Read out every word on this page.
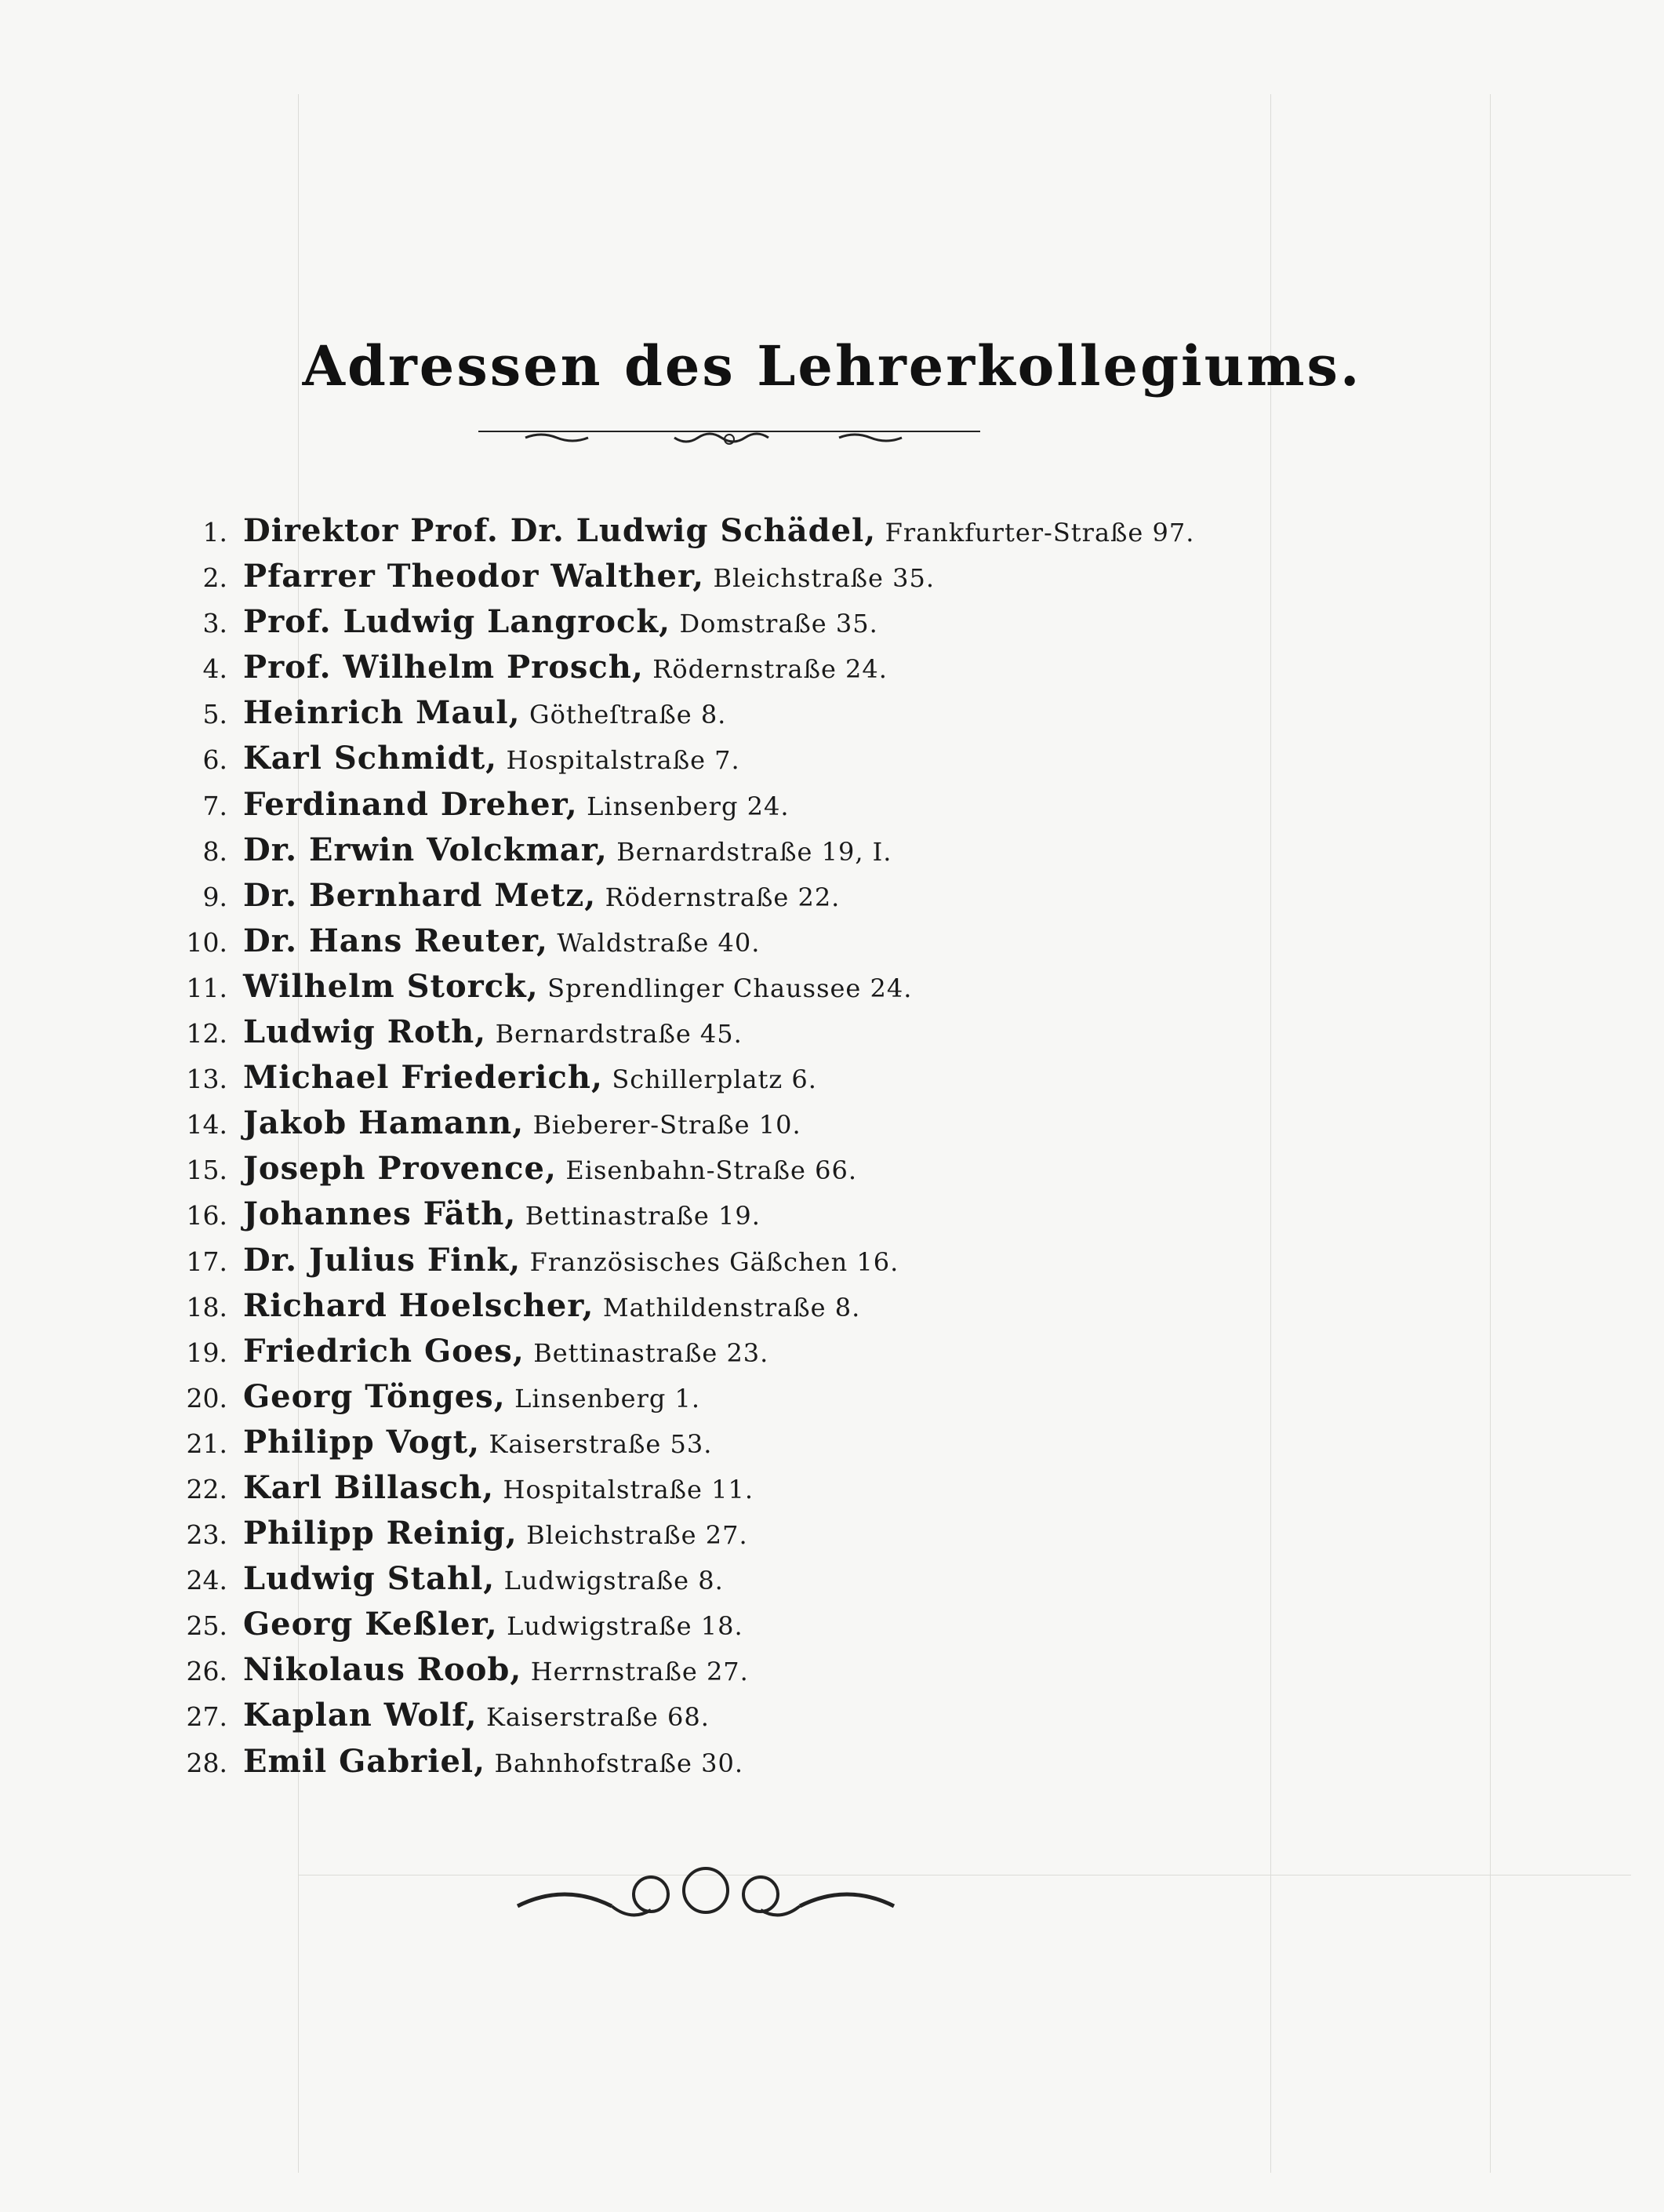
Adressen des Lehrerkollegiums.
1. Direktor Prof. Dr. Ludwig Schädel, Frankfurter-Straße 97.
2. Pfarrer Theodor Walther, Bleichstraße 35.
3. Prof. Ludwig Langrock, Domstraße 35.
4. Prof. Wilhelm Prosch, Rödernstraße 24.
5. Heinrich Maul, Götheſtraße 8.
6. Karl Schmidt, Hospitalstraße 7.
7. Ferdinand Dreher, Linsenberg 24.
8. Dr. Erwin Volckmar, Bernardstraße 19, I.
9. Dr. Bernhard Metz, Rödernstraße 22.
10. Dr. Hans Reuter, Waldstraße 40.
11. Wilhelm Storck, Sprendlinger Chaussee 24.
12. Ludwig Roth, Bernardstraße 45.
13. Michael Friederich, Schillerplatz 6.
14. Jakob Hamann, Bieberer-Straße 10.
15. Joseph Provence, Eisenbahn-Straße 66.
16. Johannes Fäth, Bettinastraße 19.
17. Dr. Julius Fink, Französisches Gäßchen 16.
18. Richard Hoelscher, Mathildenstraße 8.
19. Friedrich Goes, Bettinastraße 23.
20. Georg Tönges, Linsenberg 1.
21. Philipp Vogt, Kaiserstraße 53.
22. Karl Billasch, Hospitalstraße 11.
23. Philipp Reinig, Bleichstraße 27.
24. Ludwig Stahl, Ludwigstraße 8.
25. Georg Keßler, Ludwigstraße 18.
26. Nikolaus Roob, Herrnstraße 27.
27. Kaplan Wolf, Kaiserstraße 68.
28. Emil Gabriel, Bahnhofstraße 30.
